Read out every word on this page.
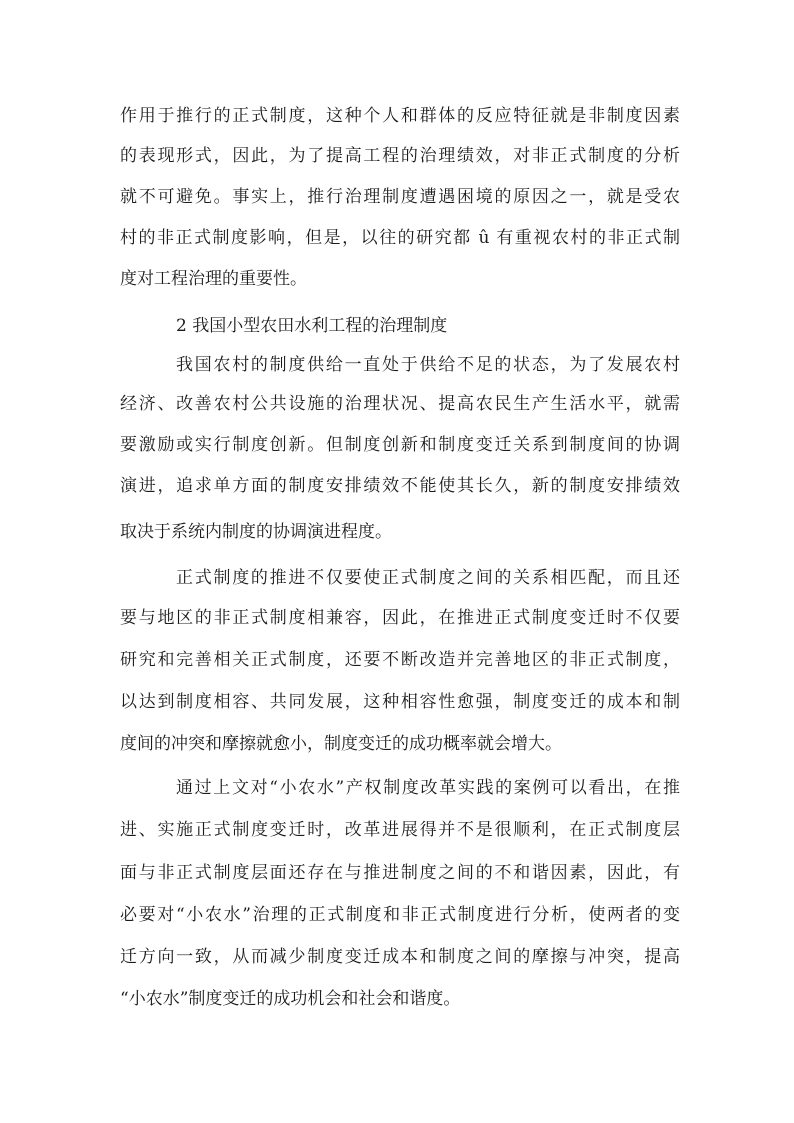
作用于推行的正式制度，这种个人和群体的反应特征就是非制度因素
的表现形式，因此，为了提高工程的治理绩效，对非正式制度的分析
就不可避免。事实上，推行治理制度遭遇困境的原因之一，就是受农
村的非正式制度影响，但是，以往的研究都 û 有重视农村的非正式制
度对工程治理的重要性。
2 我国小型农田水利工程的治理制度
我国农村的制度供给一直处于供给不足的状态，为了发展农村
经济、改善农村公共设施的治理状况、提高农民生产生活水平，就需
要激励或实行制度创新。但制度创新和制度变迁关系到制度间的协调
演进，追求单方面的制度安排绩效不能使其长久，新的制度安排绩效
取决于系统内制度的协调演进程度。
正式制度的推进不仅要使正式制度之间的关系相匹配，而且还
要与地区的非正式制度相兼容，因此，在推进正式制度变迁时不仅要
研究和完善相关正式制度，还要不断改造并完善地区的非正式制度，
以达到制度相容、共同发展，这种相容性愈强，制度变迁的成本和制
度间的冲突和摩擦就愈小，制度变迁的成功概率就会增大。
通过上文对“小农水”产权制度改革实践的案例可以看出，在推
进、实施正式制度变迁时，改革进展得并不是很顺利，在正式制度层
面与非正式制度层面还存在与推进制度之间的不和谐因素，因此，有
必要对“小农水”治理的正式制度和非正式制度进行分析，使两者的变
迁方向一致，从而减少制度变迁成本和制度之间的摩擦与冲突，提高
“小农水”制度变迁的成功机会和社会和谐度。
